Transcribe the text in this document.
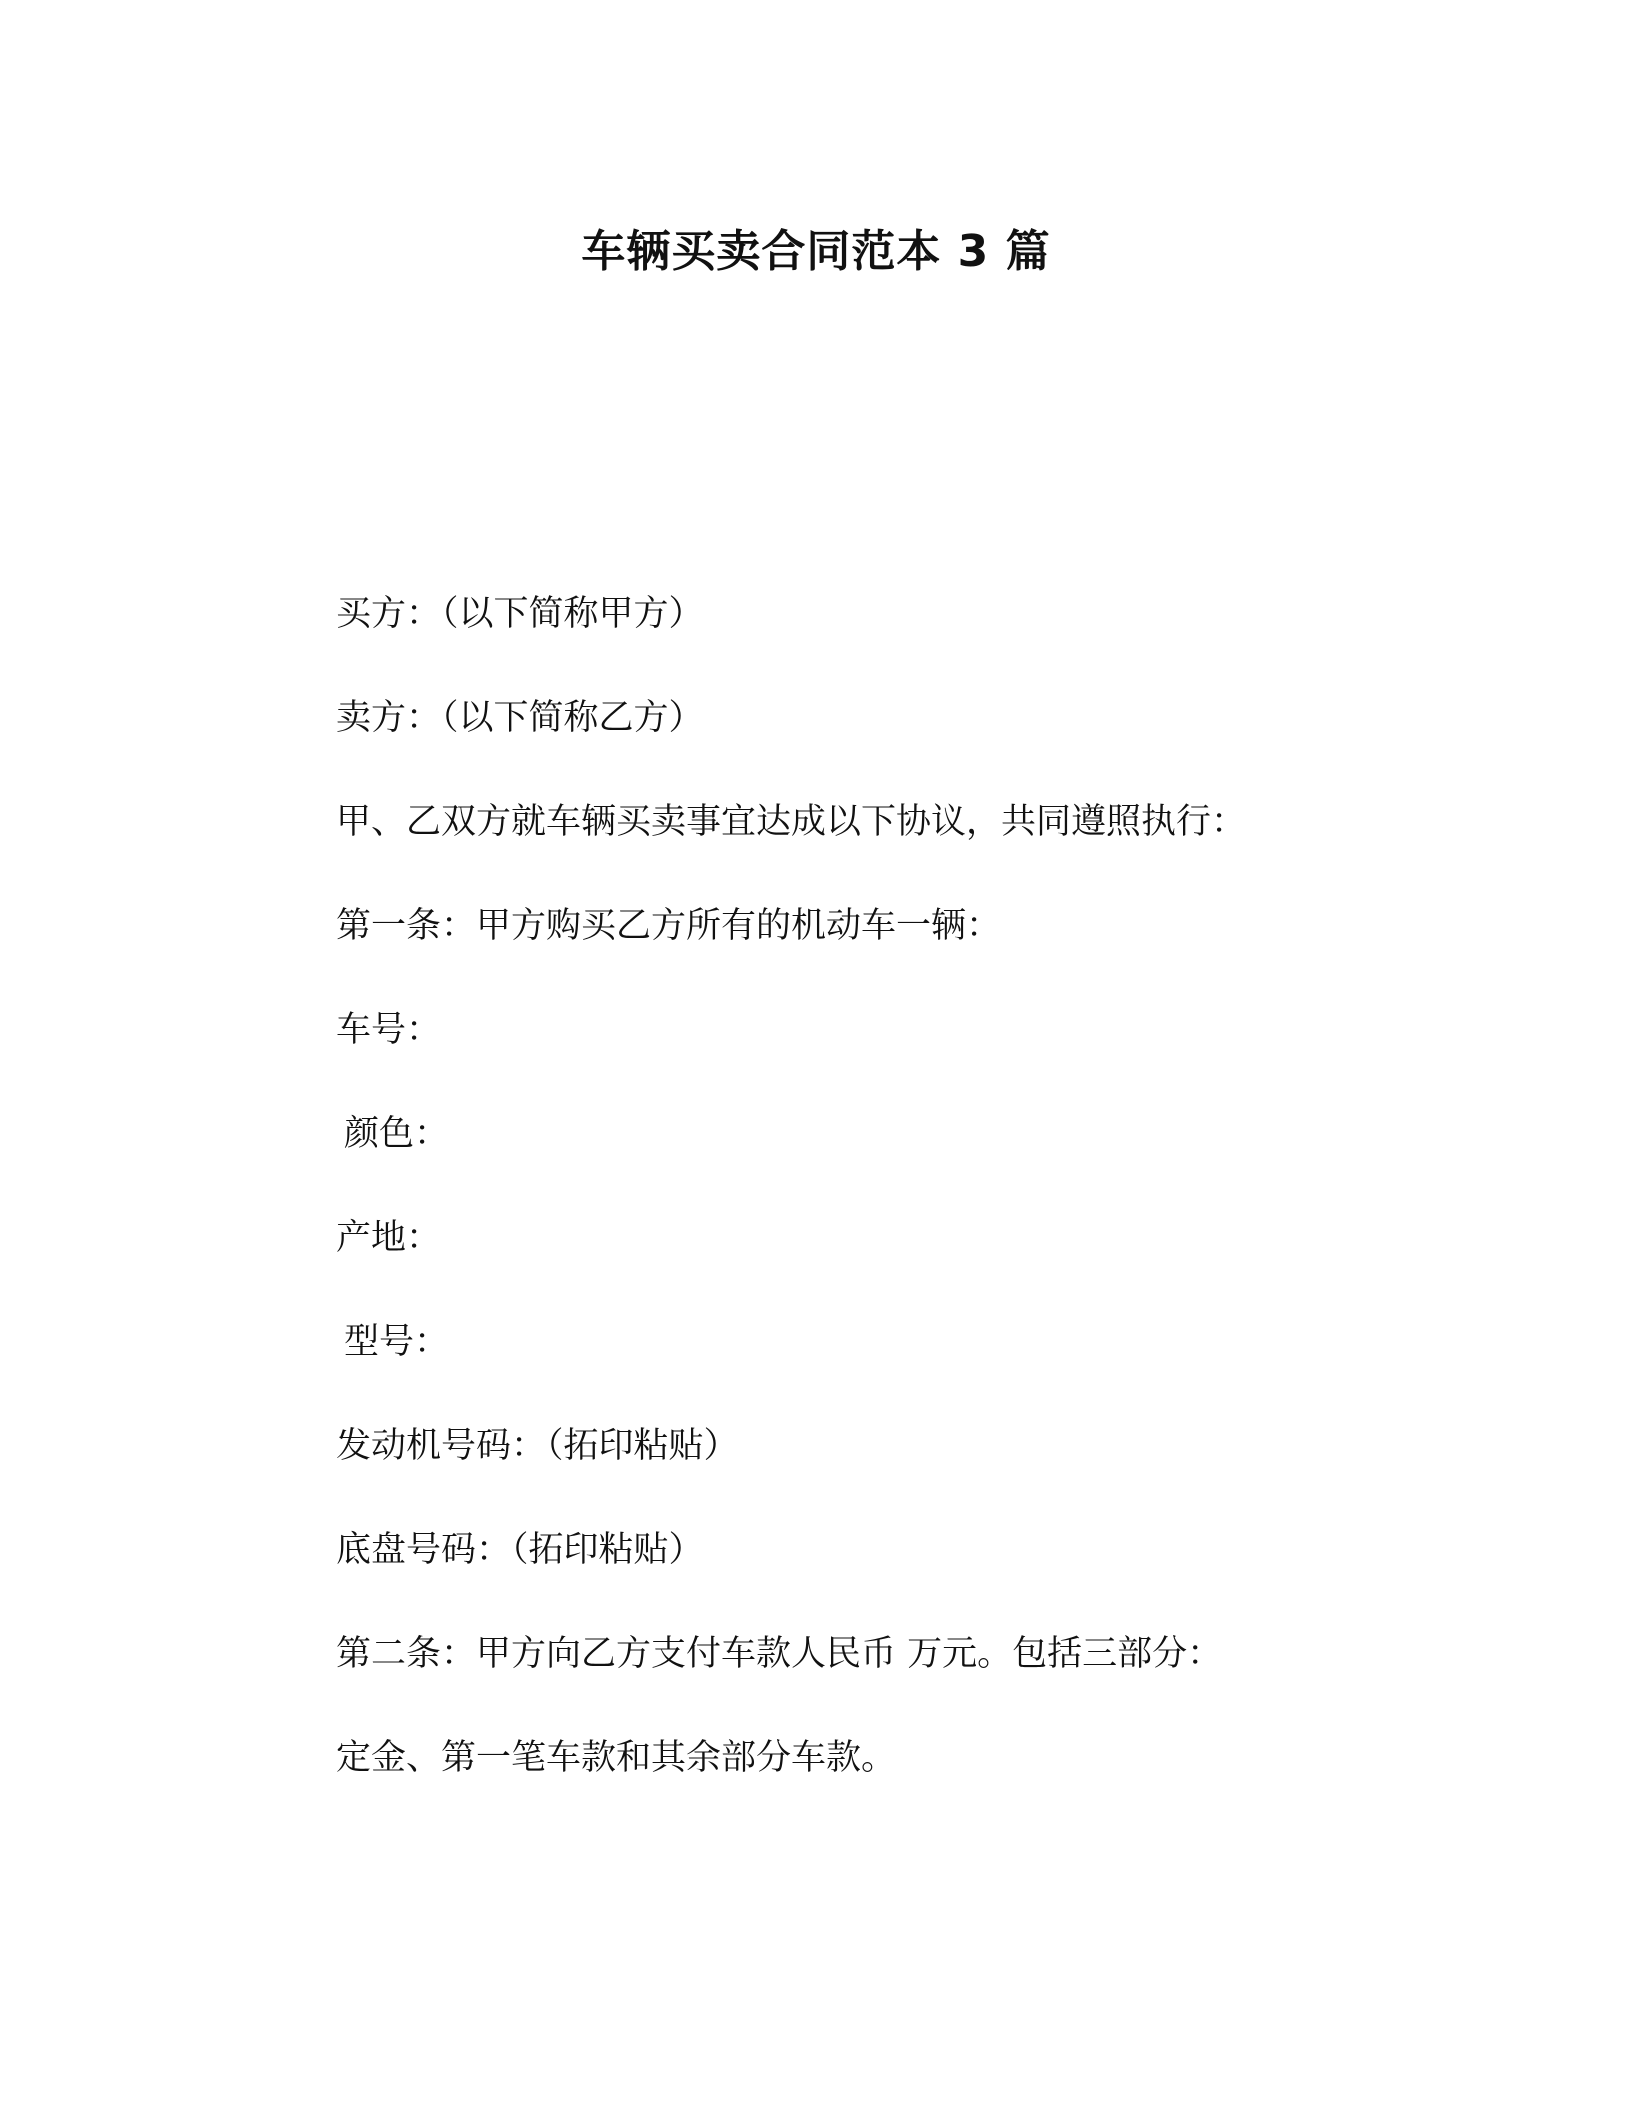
车辆买卖合同范本 3 篇
买方：（以下简称甲方）
卖方：（以下简称乙方）
甲、乙双方就车辆买卖事宜达成以下协议，共同遵照执行：
第一条：甲方购买乙方所有的机动车一辆：
车号：
颜色：
产地：
型号：
发动机号码：（拓印粘贴）
底盘号码：（拓印粘贴）
第二条：甲方向乙方支付车款人民币 万元。包括三部分：
定金、第一笔车款和其余部分车款。
